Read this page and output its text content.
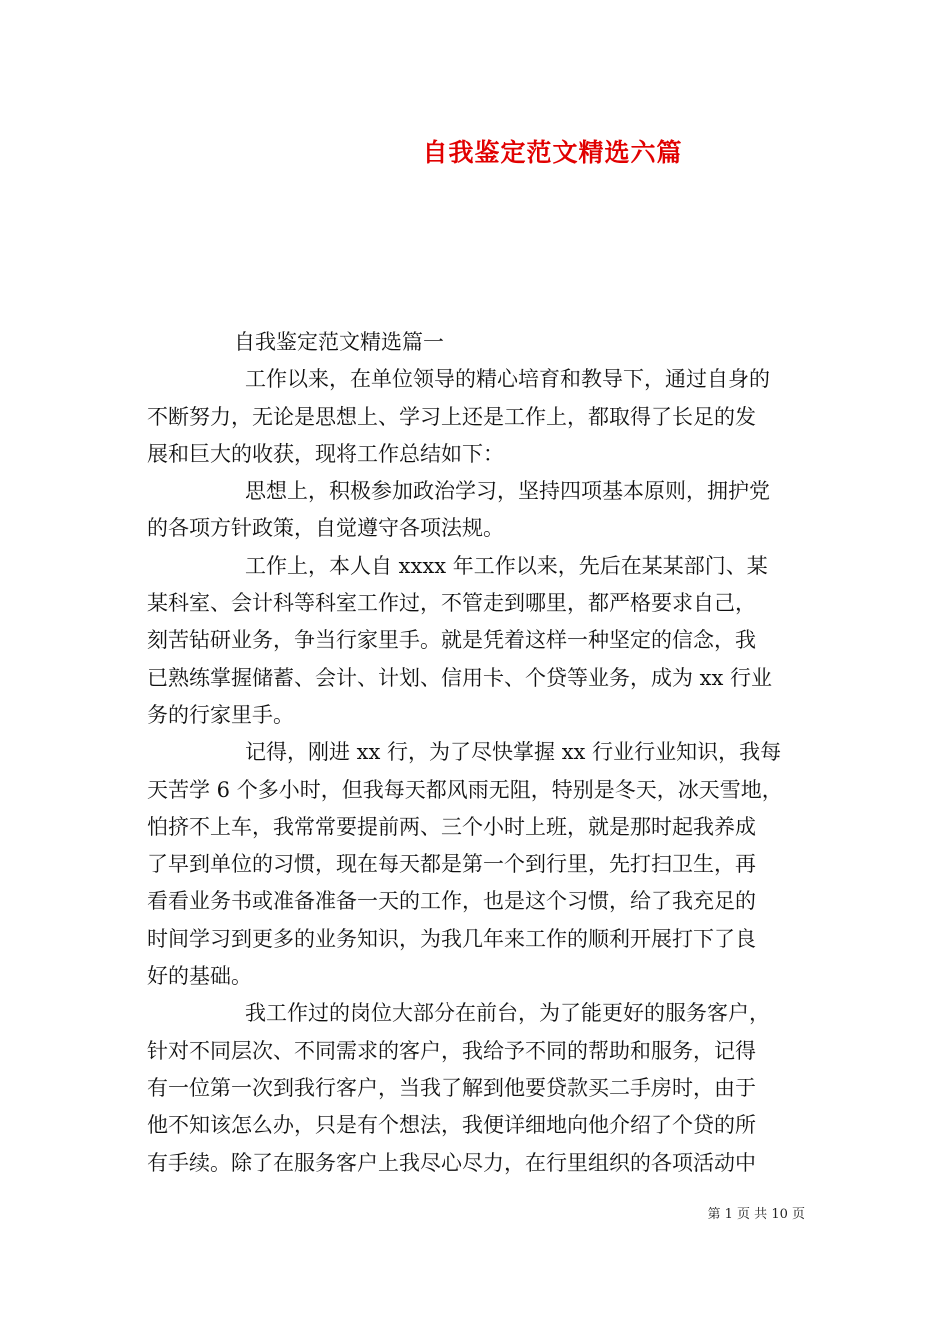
自我鉴定范文精选六篇
自我鉴定范文精选篇一
工作以来，在单位领导的精心培育和教导下，通过自身的
不断努力，无论是思想上、学习上还是工作上，都取得了长足的发
展和巨大的收获，现将工作总结如下：
思想上，积极参加政治学习，坚持四项基本原则，拥护党
的各项方针政策，自觉遵守各项法规。
工作上，本人自 xxxx 年工作以来，先后在某某部门、某
某科室、会计科等科室工作过，不管走到哪里，都严格要求自己，
刻苦钻研业务，争当行家里手。就是凭着这样一种坚定的信念，我
已熟练掌握储蓄、会计、计划、信用卡、个贷等业务，成为 xx 行业
务的行家里手。
记得，刚进 xx 行，为了尽快掌握 xx 行业行业知识，我每
天苦学 6 个多小时，但我每天都风雨无阻，特别是冬天，冰天雪地，
怕挤不上车，我常常要提前两、三个小时上班，就是那时起我养成
了早到单位的习惯，现在每天都是第一个到行里，先打扫卫生，再
看看业务书或准备准备一天的工作，也是这个习惯，给了我充足的
时间学习到更多的业务知识，为我几年来工作的顺利开展打下了良
好的基础。
我工作过的岗位大部分在前台，为了能更好的服务客户，
针对不同层次、不同需求的客户，我给予不同的帮助和服务，记得
有一位第一次到我行客户，当我了解到他要贷款买二手房时，由于
他不知该怎么办，只是有个想法，我便详细地向他介绍了个贷的所
有手续。除了在服务客户上我尽心尽力，在行里组织的各项活动中
第 1 页 共 10 页
